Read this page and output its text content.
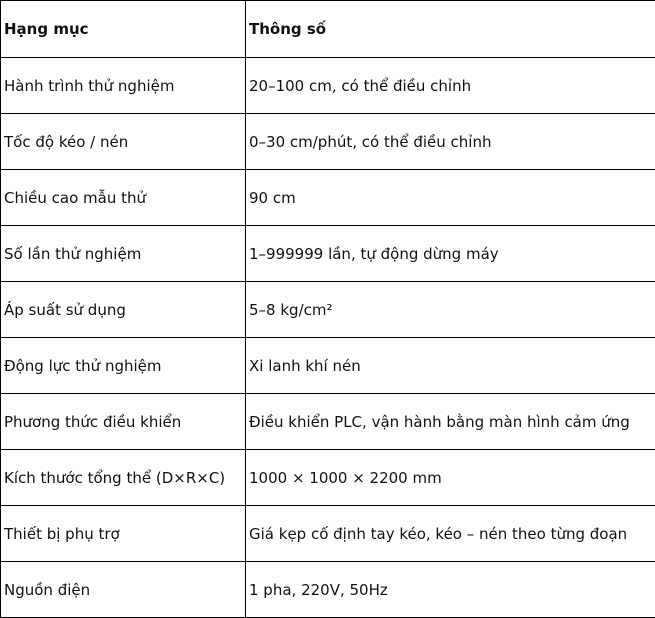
Hạng mục	Thông số
Hành trình thử nghiệm	20–100 cm, có thể điều chỉnh
Tốc độ kéo / nén	0–30 cm/phút, có thể điều chỉnh
Chiều cao mẫu thử	90 cm
Số lần thử nghiệm	1–999999 lần, tự động dừng máy
Áp suất sử dụng	5–8 kg/cm²
Động lực thử nghiệm	Xi lanh khí nén
Phương thức điều khiển	Điều khiển PLC, vận hành bằng màn hình cảm ứng
Kích thước tổng thể (D×R×C)	1000 × 1000 × 2200 mm
Thiết bị phụ trợ	Giá kẹp cố định tay kéo, kéo – nén theo từng đoạn
Nguồn điện	1 pha, 220V, 50Hz
